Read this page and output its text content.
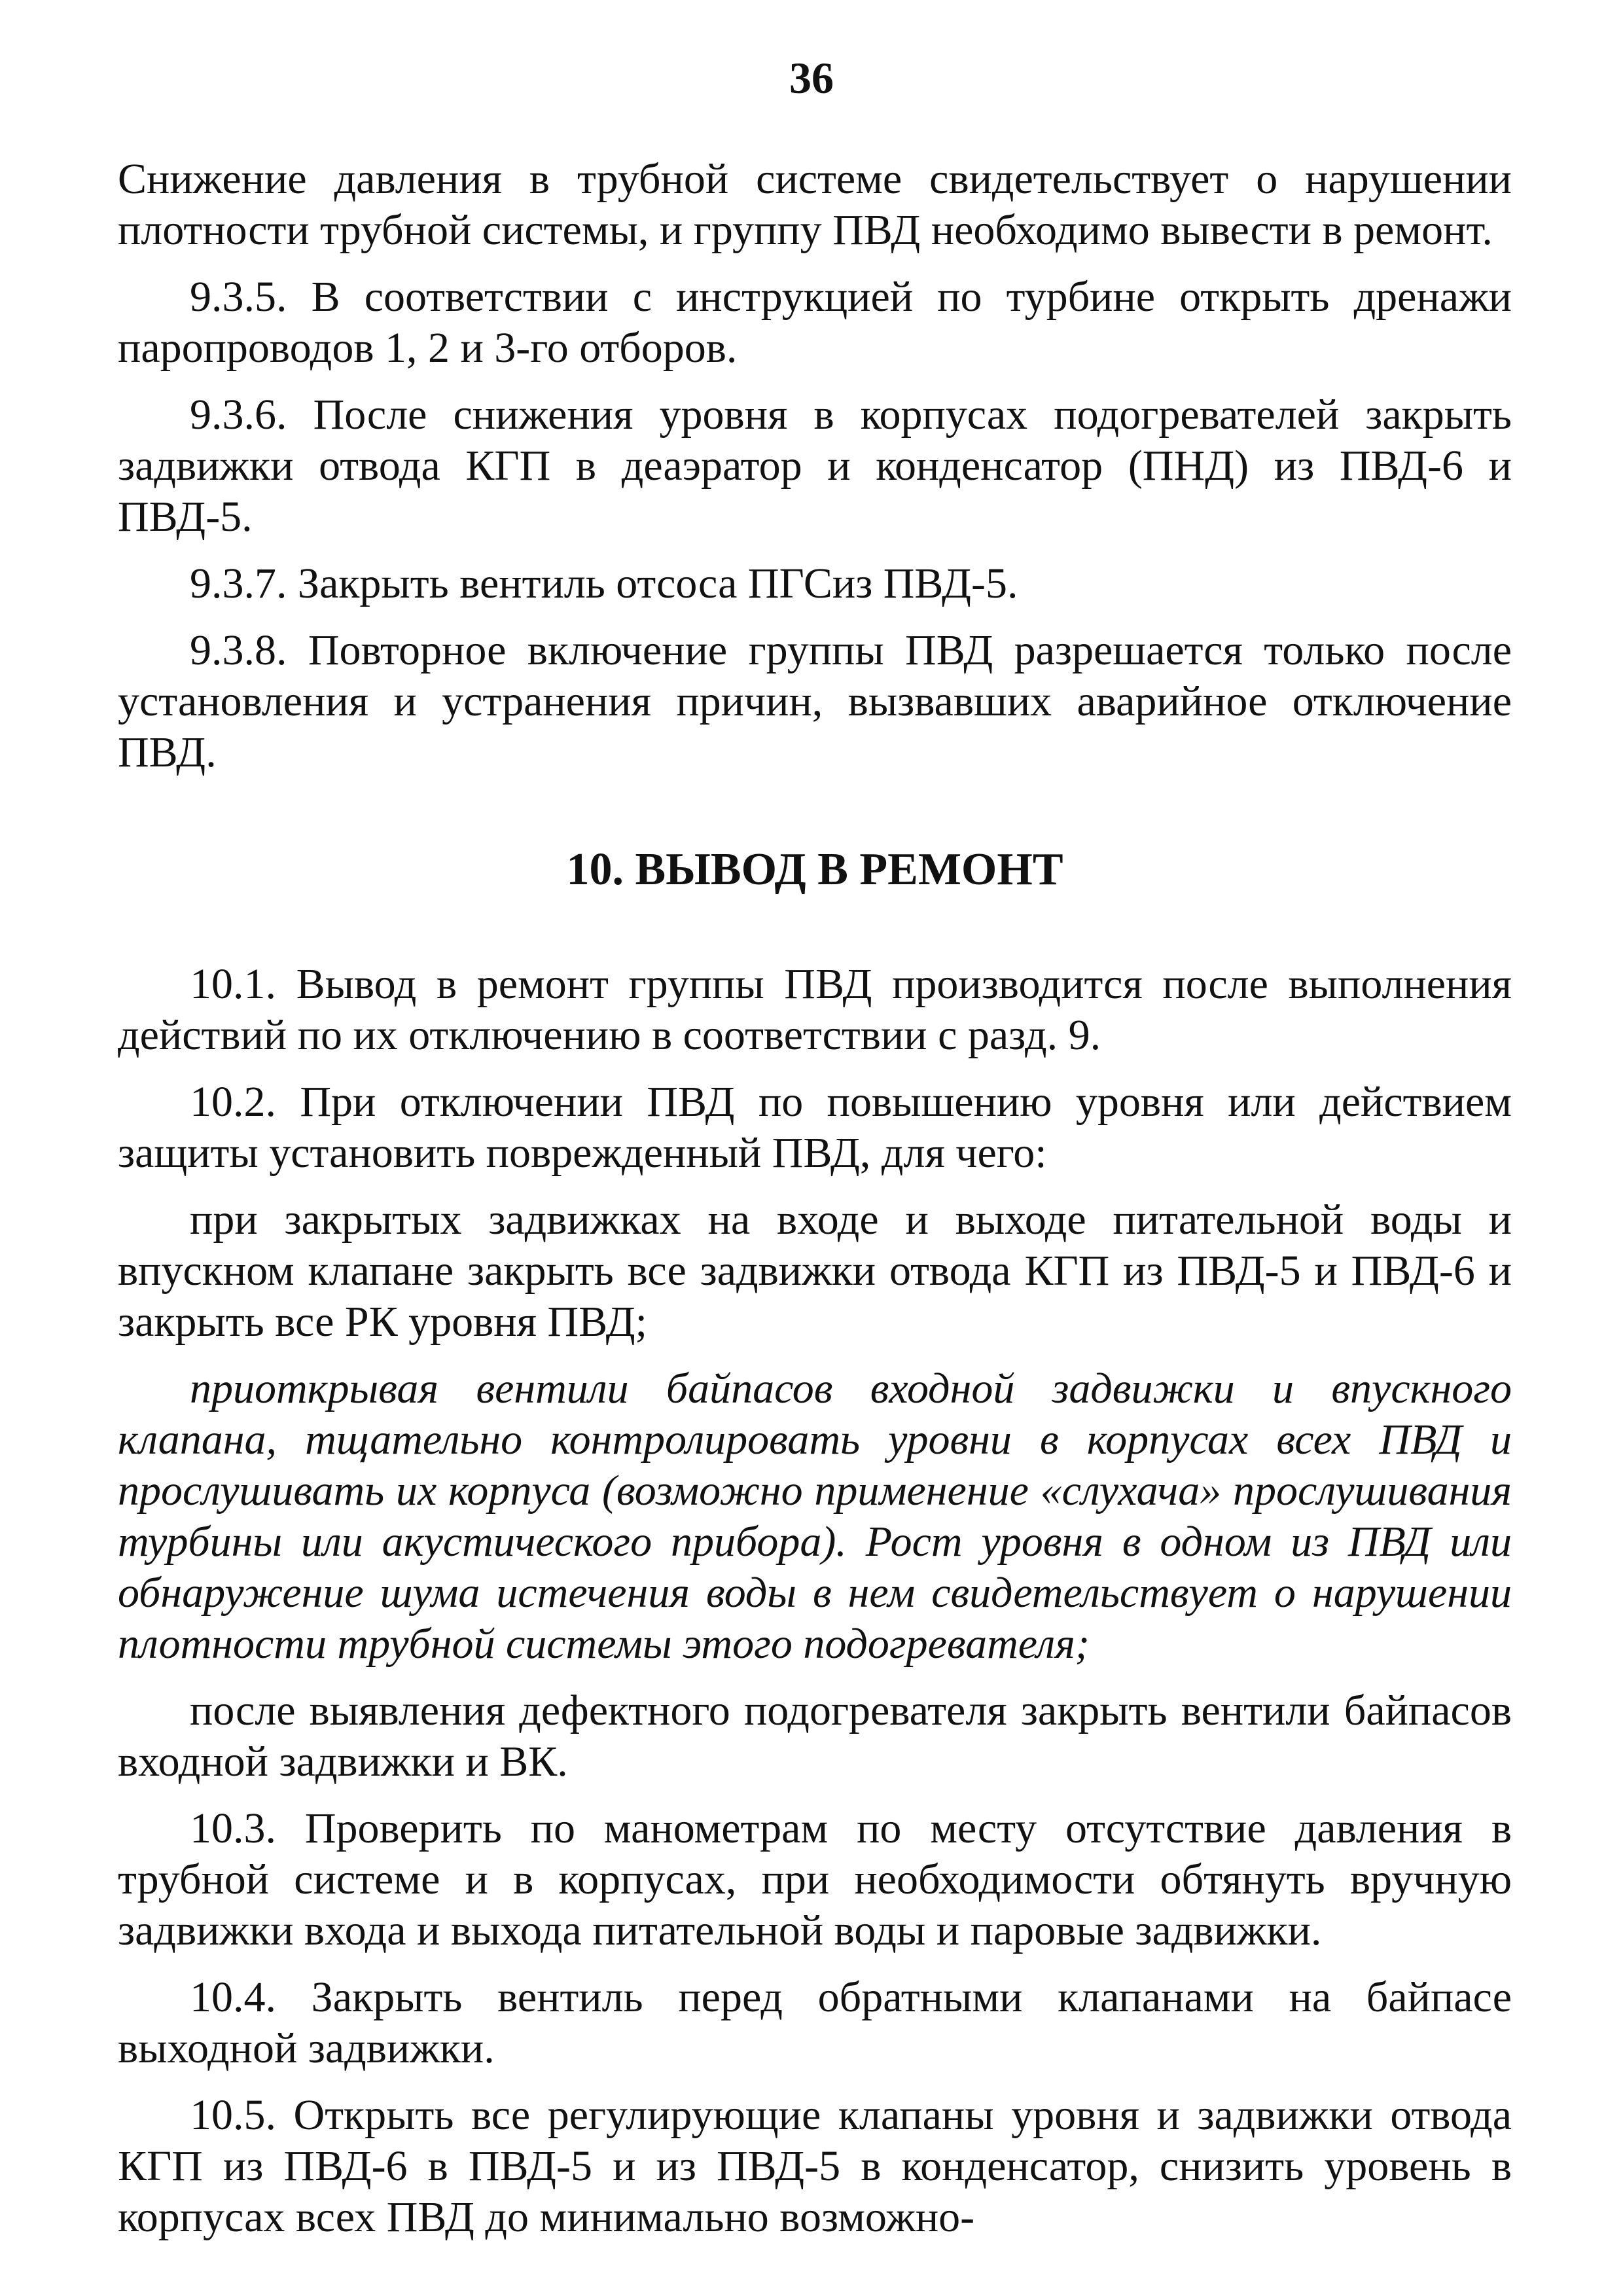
36

Снижение давления в трубной системе свидетельствует о нарушении плотности трубной системы, и группу ПВД необходимо вывести в ремонт.

9.3.5. В соответствии с инструкцией по турбине открыть дренажи паропроводов 1, 2 и 3-го отборов.

9.3.6. После снижения уровня в корпусах подогревателей закрыть задвижки отвода КГП в деаэратор и конденсатор (ПНД) из ПВД-6 и ПВД-5.

9.3.7. Закрыть вентиль отсоса ПГСиз ПВД-5.

9.3.8. Повторное включение группы ПВД разрешается только после установления и устранения причин, вызвавших аварийное отключение ПВД.

10. ВЫВОД В РЕМОНТ

10.1. Вывод в ремонт группы ПВД производится после выполнения действий по их отключению в соответствии с разд. 9.

10.2. При отключении ПВД по повышению уровня или действием защиты установить поврежденный ПВД, для чего:

при закрытых задвижках на входе и выходе питательной воды и впускном клапане закрыть все задвижки отвода КГП из ПВД-5 и ПВД-6 и закрыть все РК уровня ПВД;

приоткрывая вентили байпасов входной задвижки и впускного клапана, тщательно контролировать уровни в корпусах всех ПВД и прослушивать их корпуса (возможно применение «слухача» прослушивания турбины или акустического прибора). Рост уровня в одном из ПВД или обнаружение шума истечения воды в нем свидетельствует о нарушении плотности трубной системы этого подогревателя;

после выявления дефектного подогревателя закрыть вентили байпасов входной задвижки и ВК.

10.3. Проверить по манометрам по месту отсутствие давления в трубной системе и в корпусах, при необходимости обтянуть вручную задвижки входа и выхода питательной воды и паровые задвижки.

10.4. Закрыть вентиль перед обратными клапанами на байпасе выходной задвижки.

10.5. Открыть все регулирующие клапаны уровня и задвижки отвода КГП из ПВД-6 в ПВД-5 и из ПВД-5 в конденсатор, снизить уровень в корпусах всех ПВД до минимально возможно-
